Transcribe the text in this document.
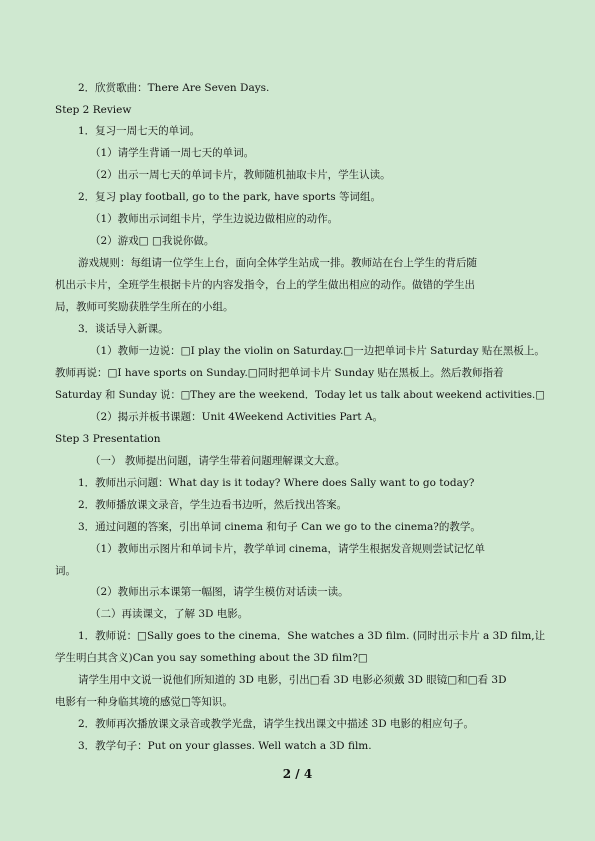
2．欣赏歌曲：There Are Seven Days.
Step 2 Review
1．复习一周七天的单词。
（1）请学生背诵一周七天的单词。
（2）出示一周七天的单词卡片，教师随机抽取卡片，学生认读。
2．复习 play football, go to the park, have sports 等词组。
（1）教师出示词组卡片，学生边说边做相应的动作。
（2）游戏□ □我说你做。
游戏规则：每组请一位学生上台，面向全体学生站成一排。教师站在台上学生的背后随
机出示卡片，全班学生根据卡片的内容发指令，台上的学生做出相应的动作。做错的学生出
局，教师可奖励获胜学生所在的小组。
3．谈话导入新课。
（1）教师一边说：□I play the violin on Saturday.□一边把单词卡片 Saturday 贴在黑板上。
教师再说：□I have sports on Sunday.□同时把单词卡片 Sunday 贴在黑板上。然后教师指着
Saturday 和 Sunday 说：□They are the weekend．Today let us talk about weekend activities.□
（2）揭示并板书课题：Unit 4Weekend Activities Part A。
Step 3 Presentation
（一） 教师提出问题，请学生带着问题理解课文大意。
1．教师出示问题：What day is it today? Where does Sally want to go today?
2．教师播放课文录音，学生边看书边听，然后找出答案。
3．通过问题的答案，引出单词 cinema 和句子 Can we go to the cinema?的教学。
（1）教师出示图片和单词卡片，教学单词 cinema，请学生根据发音规则尝试记忆单
词。
（2）教师出示本课第一幅图，请学生模仿对话读一读。
（二）再读课文，了解 3D 电影。
1．教师说：□Sally goes to the cinema．She watches a 3D film. (同时出示卡片 a 3D film,让
学生明白其含义)Can you say something about the 3D film?□
请学生用中文说一说他们所知道的 3D 电影，引出□看 3D 电影必须戴 3D 眼镜□和□看 3D
电影有一种身临其境的感觉□等知识。
2．教师再次播放课文录音或教学光盘，请学生找出课文中描述 3D 电影的相应句子。
3．教学句子：Put on your glasses. Well watch a 3D film.
2 / 4
